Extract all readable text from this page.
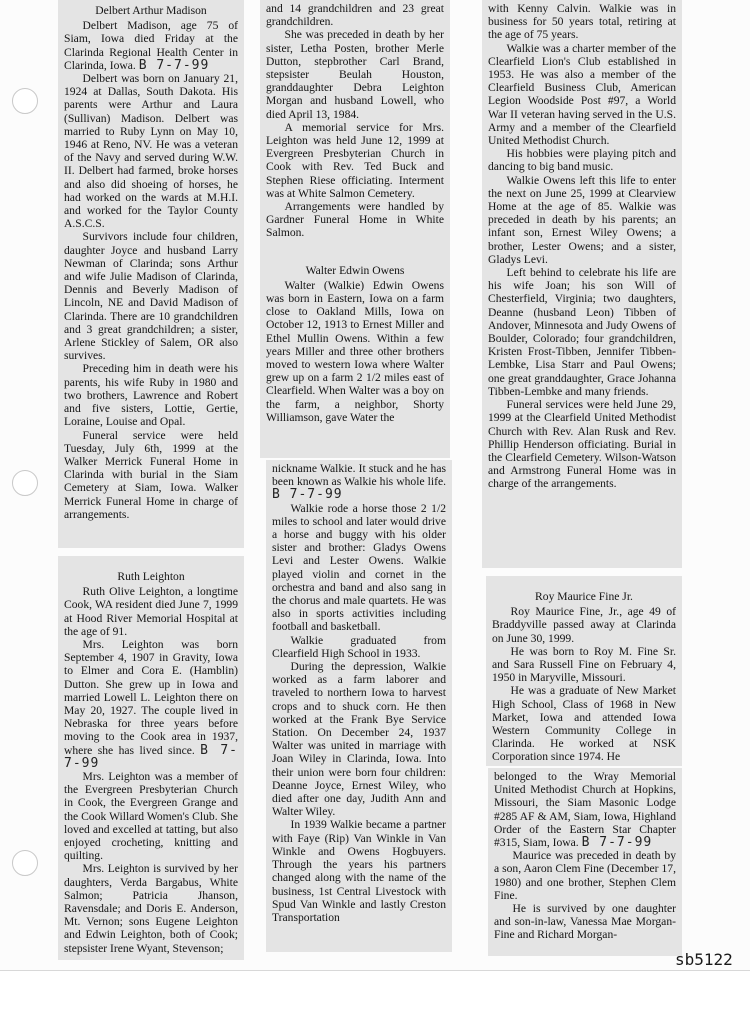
Delbert Arthur Madison

Delbert Madison, age 75 of Siam, Iowa died Friday at the Clarinda Regional Health Center in Clarinda, Iowa. B 7-7-99

Delbert was born on January 21, 1924 at Dallas, South Dakota. His parents were Arthur and Laura (Sullivan) Madison. Delbert was married to Ruby Lynn on May 10, 1946 at Reno, NV. He was a veteran of the Navy and served during W.W. II. Delbert had farmed, broke horses and also did shoeing of horses, he had worked on the wards at M.H.I. and worked for the Taylor County A.S.C.S.

Survivors include four children, daughter Joyce and husband Larry Newman of Clarinda; sons Arthur and wife Julie Madison of Clarinda, Dennis and Beverly Madison of Lincoln, NE and David Madison of Clarinda. There are 10 grandchildren and 3 great grandchildren; a sister, Arlene Stickley of Salem, OR also survives.

Preceding him in death were his parents, his wife Ruby in 1980 and two brothers, Lawrence and Robert and five sisters, Lottie, Gertie, Loraine, Louise and Opal.

Funeral service were held Tuesday, July 6th, 1999 at the Walker Merrick Funeral Home in Clarinda with burial in the Siam Cemetery at Siam, Iowa. Walker Merrick Funeral Home in charge of arrangements.

Ruth Leighton

Ruth Olive Leighton, a longtime Cook, WA resident died June 7, 1999 at Hood River Memorial Hospital at the age of 91.

Mrs. Leighton was born September 4, 1907 in Gravity, Iowa to Elmer and Cora E. (Hamblin) Dutton. She grew up in Iowa and married Lowell L. Leighton there on May 20, 1927. The couple lived in Nebraska for three years before moving to the Cook area in 1937, where she has lived since. B 7-7-99

Mrs. Leighton was a member of the Evergreen Presbyterian Church in Cook, the Evergreen Grange and the Cook Willard Women's Club. She loved and excelled at tatting, but also enjoyed crocheting, knitting and quilting.

Mrs. Leighton is survived by her daughters, Verda Bargabus, White Salmon; Patricia Jhanson, Ravensdale; and Doris E. Anderson, Mt. Vernon; sons Eugene Leighton and Edwin Leighton, both of Cook; stepsister Irene Wyant, Stevenson;

and 14 grandchildren and 23 great grandchildren.

She was preceded in death by her sister, Letha Posten, brother Merle Dutton, stepbrother Carl Brand, stepsister Beulah Houston, granddaughter Debra Leighton Morgan and husband Lowell, who died April 13, 1984.

A memorial service for Mrs. Leighton was held June 12, 1999 at Evergreen Presbyterian Church in Cook with Rev. Ted Buck and Stephen Riese officiating. Interment was at White Salmon Cemetery.

Arrangements were handled by Gardner Funeral Home in White Salmon.

Walter Edwin Owens

Walter (Walkie) Edwin Owens was born in Eastern, Iowa on a farm close to Oakland Mills, Iowa on October 12, 1913 to Ernest Miller and Ethel Mullin Owens. Within a few years Miller and three other brothers moved to western Iowa where Walter grew up on a farm 2 1/2 miles east of Clearfield. When Walter was a boy on the farm, a neighbor, Shorty Williamson, gave Water the

nickname Walkie. It stuck and he has been known as Walkie his whole life. B 7-7-99

Walkie rode a horse those 2 1/2 miles to school and later would drive a horse and buggy with his older sister and brother: Gladys Owens Levi and Lester Owens. Walkie played violin and cornet in the orchestra and band and also sang in the chorus and male quartets. He was also in sports activities including football and basketball.

Walkie graduated from Clearfield High School in 1933.

During the depression, Walkie worked as a farm laborer and traveled to northern Iowa to harvest crops and to shuck corn. He then worked at the Frank Bye Service Station. On December 24, 1937 Walter was united in marriage with Joan Wiley in Clarinda, Iowa. Into their union were born four children: Deanne Joyce, Ernest Wiley, who died after one day, Judith Ann and Walter Wiley.

In 1939 Walkie became a partner with Faye (Rip) Van Winkle in Van Winkle and Owens Hogbuyers. Through the years his partners changed along with the name of the business, 1st Central Livestock with Spud Van Winkle and lastly Creston Transportation

with Kenny Calvin. Walkie was in business for 50 years total, retiring at the age of 75 years.

Walkie was a charter member of the Clearfield Lion's Club established in 1953. He was also a member of the Clearfield Business Club, American Legion Woodside Post #97, a World War II veteran having served in the U.S. Army and a member of the Clearfield United Methodist Church.

His hobbies were playing pitch and dancing to big band music.

Walkie Owens left this life to enter the next on June 25, 1999 at Clearview Home at the age of 85. Walkie was preceded in death by his parents; an infant son, Ernest Wiley Owens; a brother, Lester Owens; and a sister, Gladys Levi.

Left behind to celebrate his life are his wife Joan; his son Will of Chesterfield, Virginia; two daughters, Deanne (husband Leon) Tibben of Andover, Minnesota and Judy Owens of Boulder, Colorado; four grandchildren, Kristen Frost-Tibben, Jennifer Tibben-Lembke, Lisa Starr and Paul Owens; one great granddaughter, Grace Johanna Tibben-Lembke and many friends.

Funeral services were held June 29, 1999 at the Clearfield United Methodist Church with Rev. Alan Rusk and Rev. Phillip Henderson officiating. Burial in the Clearfield Cemetery. Wilson-Watson and Armstrong Funeral Home was in charge of the arrangements.

Roy Maurice Fine Jr.

Roy Maurice Fine, Jr., age 49 of Braddyville passed away at Clarinda on June 30, 1999.

He was born to Roy M. Fine Sr. and Sara Russell Fine on February 4, 1950 in Maryville, Missouri.

He was a graduate of New Market High School, Class of 1968 in New Market, Iowa and attended Iowa Western Community College in Clarinda. He worked at NSK Corporation since 1974. He

belonged to the Wray Memorial United Methodist Church at Hopkins, Missouri, the Siam Masonic Lodge #285 AF & AM, Siam, Iowa, Highland Order of the Eastern Star Chapter #315, Siam, Iowa. B 7-7-99

Maurice was preceded in death by a son, Aaron Clem Fine (December 17, 1980) and one brother, Stephen Clem Fine.

He is survived by one daughter and son-in-law, Vanessa Mae Morgan-Fine and Richard Morgan-

sb5122
